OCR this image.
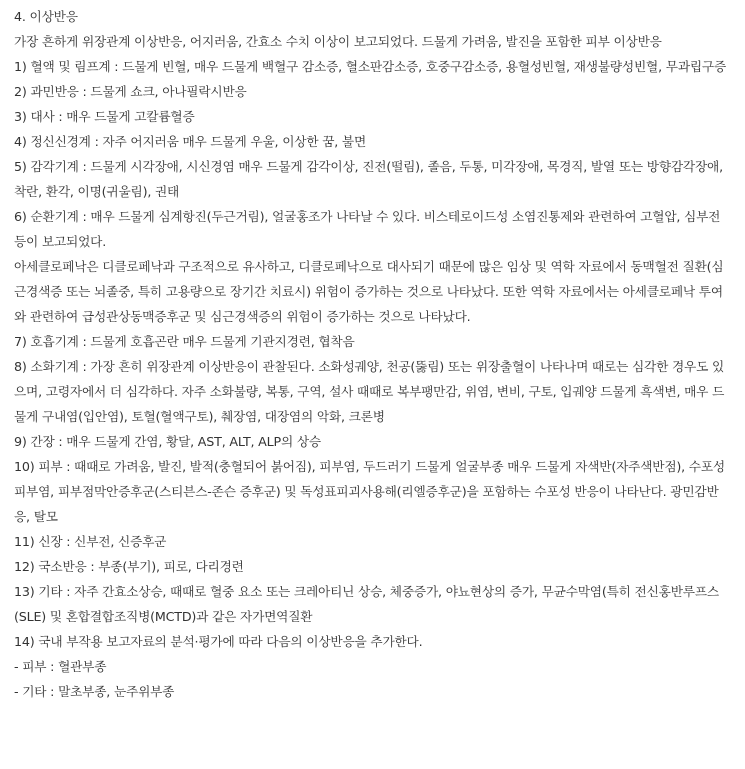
4. 이상반응

가장 흔하게 위장관계 이상반응, 어지러움, 간효소 수치 이상이 보고되었다. 드물게 가려움, 발진을 포함한 피부 이상반응

1) 혈액 및 림프계 : 드물게 빈혈, 매우 드물게 백혈구 감소증, 혈소판감소증, 호중구감소증, 용혈성빈혈, 재생불량성빈혈, 무과립구증

2) 과민반응 : 드물게 쇼크, 아나필락시반응

3) 대사 : 매우 드물게 고칼륨혈증

4) 정신신경계 : 자주 어지러움 매우 드물게 우울, 이상한 꿈, 불면

5) 감각기계 : 드물게 시각장애, 시신경염 매우 드물게 감각이상, 진전(떨림), 졸음, 두통, 미각장애, 목경직, 발열 또는 방향감각장애, 착란, 환각, 이명(귀울림), 권태

6) 순환기계 : 매우 드물게 심계항진(두근거림), 얼굴홍조가 나타날 수 있다. 비스테로이드성 소염진통제와 관련하여 고혈압, 심부전 등이 보고되었다.

아세클로페낙은 디클로페낙과 구조적으로 유사하고, 디클로페낙으로 대사되기 때문에 많은 임상 및 역학 자료에서 동맥혈전 질환(심근경색증 또는 뇌졸중, 특히 고용량으로 장기간 치료시) 위험이 증가하는 것으로 나타났다. 또한 역학 자료에서는 아세클로페낙 투여와 관련하여 급성관상동맥증후군 및 심근경색증의 위험이 증가하는 것으로 나타났다.

7) 호흡기계 : 드물게 호흡곤란 매우 드물게 기관지경련, 협착음

8) 소화기계 : 가장 흔히 위장관계 이상반응이 관찰된다. 소화성궤양, 천공(뚫림) 또는 위장출혈이 나타나며 때로는 심각한 경우도 있으며, 고령자에서 더 심각하다. 자주 소화불량, 복통, 구역, 설사 때때로 복부팽만감, 위염, 변비, 구토, 입궤양 드물게 흑색변, 매우 드물게 구내염(입안염), 토혈(혈액구토), 췌장염, 대장염의 악화, 크론병

9) 간장 : 매우 드물게 간염, 황달, AST, ALT, ALP의 상승

10) 피부 : 때때로 가려움, 발진, 발적(충혈되어 붉어짐), 피부염, 두드러기 드물게 얼굴부종 매우 드물게 자색반(자주색반점), 수포성피부염, 피부점막안증후군(스티븐스-존슨 증후군) 및 독성표피괴사용해(리엘증후군)을 포함하는 수포성 반응이 나타난다. 광민감반응, 탈모

11) 신장 : 신부전, 신증후군

12) 국소반응 : 부종(부기), 피로, 다리경련

13) 기타 : 자주 간효소상승, 때때로 혈중 요소 또는 크레아티닌 상승, 체중증가, 야뇨현상의 증가, 무균수막염(특히 전신홍반루프스(SLE) 및 혼합결합조직병(MCTD)과 같은 자가면역질환

14) 국내 부작용 보고자료의 분석·평가에 따라 다음의 이상반응을 추가한다.

- 피부 : 혈관부종

- 기타 : 말초부종, 눈주위부종
